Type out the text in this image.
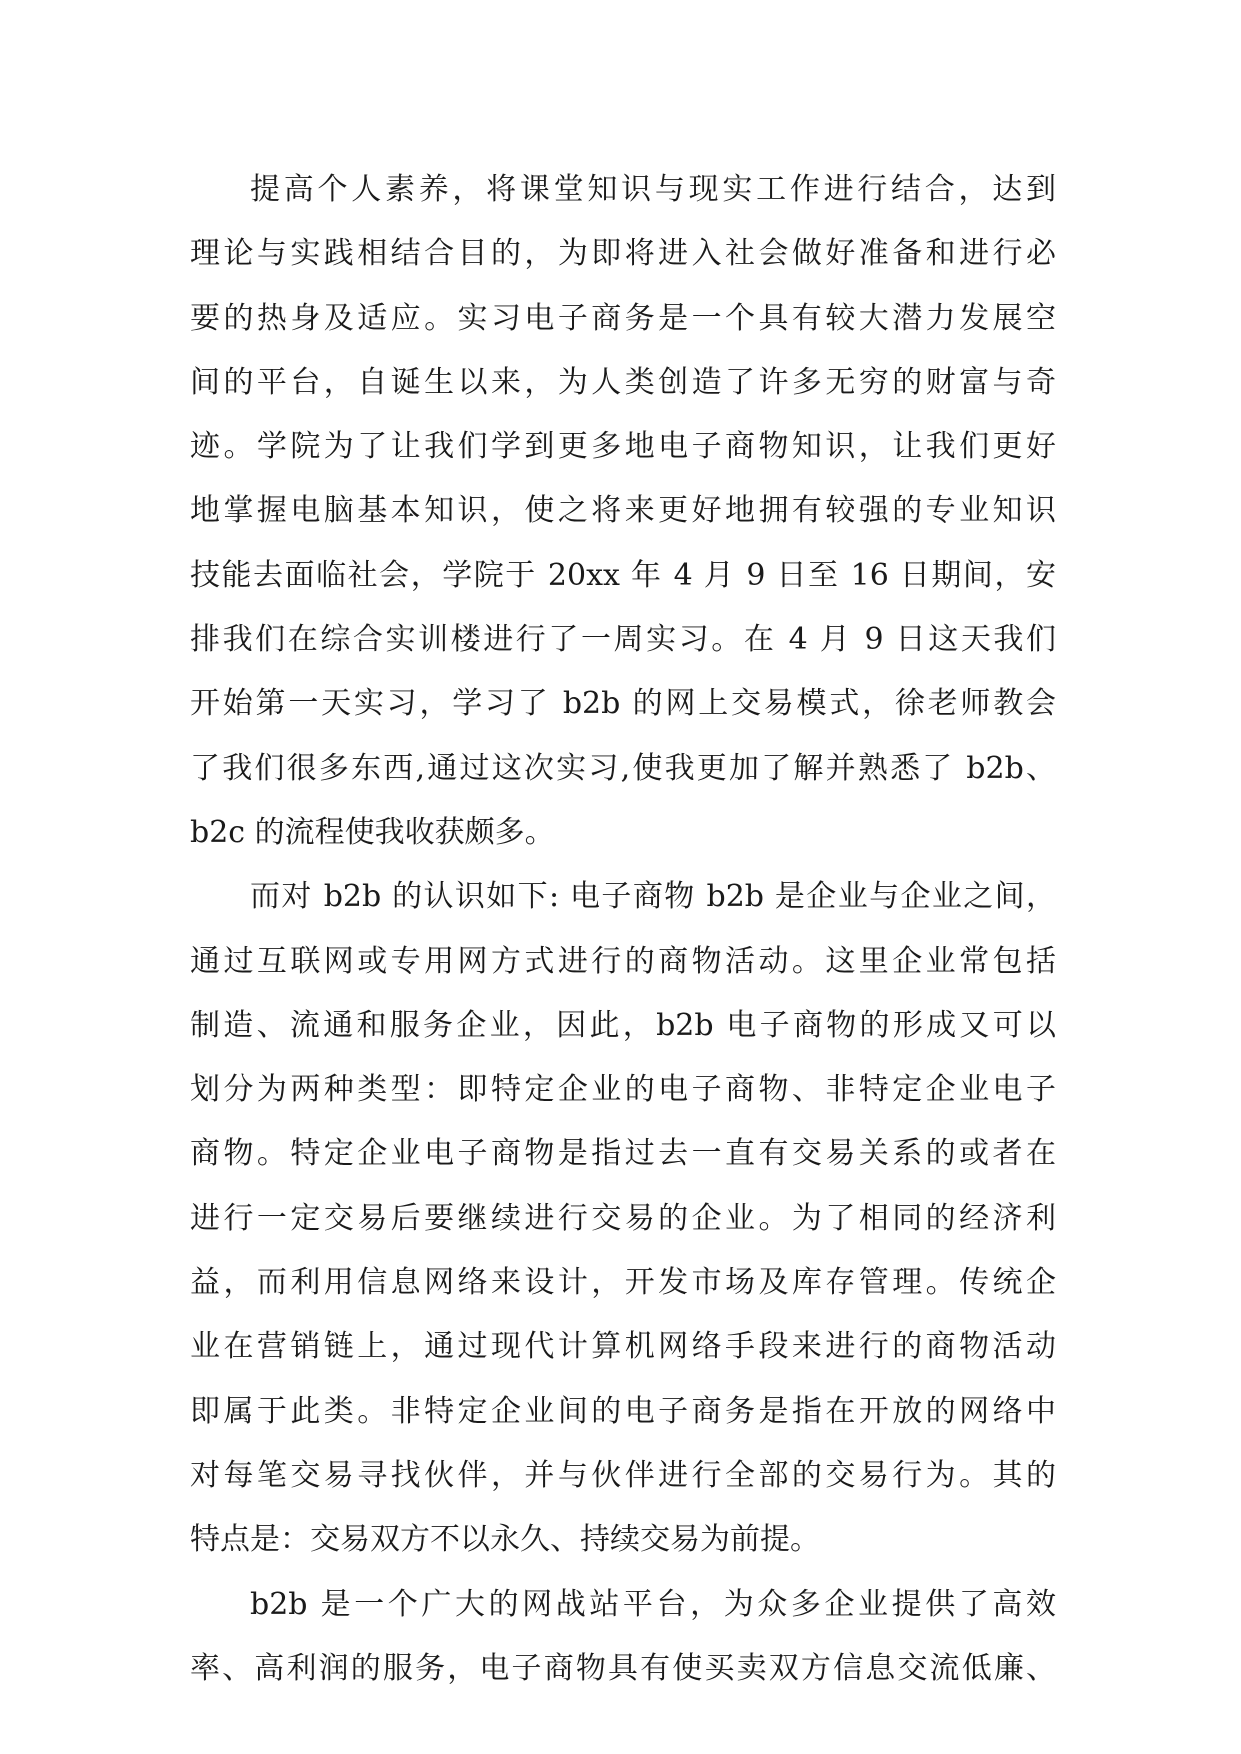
提高个人素养，将课堂知识与现实工作进行结合，达到
理论与实践相结合目的，为即将进入社会做好准备和进行必
要的热身及适应。实习电子商务是一个具有较大潜力发展空
间的平台，自诞生以来，为人类创造了许多无穷的财富与奇
迹。学院为了让我们学到更多地电子商物知识，让我们更好
地掌握电脑基本知识，使之将来更好地拥有较强的专业知识
技能去面临社会，学院于 20xx 年 4 月 9 日至 16 日期间，安
排我们在综合实训楼进行了一周实习。在 4 月 9 日这天我们
开始第一天实习，学习了 b2b 的网上交易模式，徐老师教会
了我们很多东西,通过这次实习,使我更加了解并熟悉了 b2b、
b2c 的流程使我收获颇多。
而对 b2b 的认识如下: 电子商物 b2b 是企业与企业之间，
通过互联网或专用网方式进行的商物活动。这里企业常包括
制造、流通和服务企业，因此，b2b 电子商物的形成又可以
划分为两种类型：即特定企业的电子商物、非特定企业电子
商物。特定企业电子商物是指过去一直有交易关系的或者在
进行一定交易后要继续进行交易的企业。为了相同的经济利
益，而利用信息网络来设计，开发市场及库存管理。传统企
业在营销链上，通过现代计算机网络手段来进行的商物活动
即属于此类。非特定企业间的电子商务是指在开放的网络中
对每笔交易寻找伙伴，并与伙伴进行全部的交易行为。其的
特点是：交易双方不以永久、持续交易为前提。
b2b 是一个广大的网战站平台，为众多企业提供了高效
率、高利润的服务，电子商物具有使买卖双方信息交流低廉、
